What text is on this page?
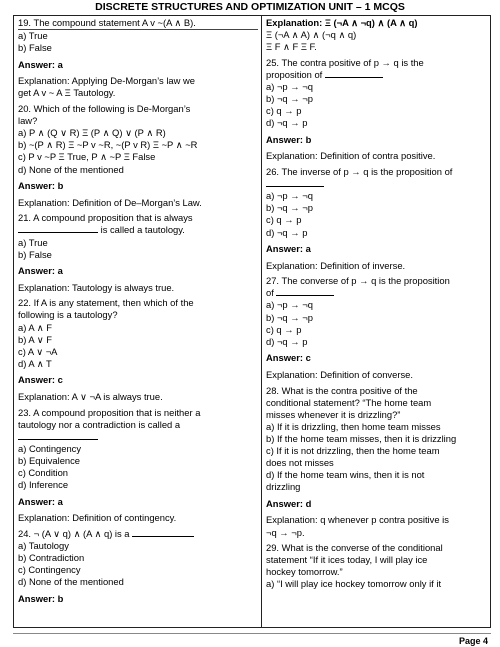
DISCRETE STRUCTURES AND OPTIMIZATION UNIT – 1 MCQS
19. The compound statement A v ~(A ∧ B).
a) True
b) False
Answer: a
Explanation: Applying De-Morgan’s law we
get A v ~ A Ξ Tautology.
20. Which of the following is De-Morgan’s
law?
a) P ∧ (Q ∨ R) Ξ (P ∧ Q) ∨ (P ∧ R)
b) ~(P ∧ R) Ξ ~P v ~R, ~(P v R) Ξ ~P ∧ ~R
c) P v ~P Ξ True, P ∧ ~P Ξ False
d) None of the mentioned
Answer: b
Explanation: Definition of De–Morgan’s Law.
21. A compound proposition that is always
is called a tautology.
a) True
b) False
Answer: a
Explanation: Tautology is always true.
22. If A is any statement, then which of the
following is a tautology?
a) A ∧ F
b) A ∨ F
c) A ∨ ¬A
d) A ∧ T
Answer: c
Explanation: A ∨ ¬A is always true.
23. A compound proposition that is neither a
tautology nor a contradiction is called a
a) Contingency
b) Equivalence
c) Condition
d) Inference
Answer: a
Explanation: Definition of contingency.
24. ¬ (A ∨ q) ∧ (A ∧ q) is a
a) Tautology
b) Contradiction
c) Contingency
d) None of the mentioned
Answer: b
Explanation: Ξ (¬A ∧ ¬q) ∧ (A ∧ q)
Ξ (¬A ∧ A) ∧ (¬q ∧ q)
Ξ F ∧ F Ξ F.
25. The contra positive of p → q is the
proposition of
a) ¬p → ¬q
b) ¬q → ¬p
c) q → p
d) ¬q → p
Answer: b
Explanation: Definition of contra positive.
26. The inverse of p → q is the proposition of
a) ¬p → ¬q
b) ¬q → ¬p
c) q → p
d) ¬q → p
Answer: a
Explanation: Definition of inverse.
27. The converse of p → q is the proposition
of
a) ¬p → ¬q
b) ¬q → ¬p
c) q → p
d) ¬q → p
Answer: c
Explanation: Definition of converse.
28. What is the contra positive of the
conditional statement? “The home team
misses whenever it is drizzling?”
a) If it is drizzling, then home team misses
b) If the home team misses, then it is drizzling
c) If it is not drizzling, then the home team
does not misses
d) If the home team wins, then it is not
drizzling
Answer: d
Explanation: q whenever p contra positive is
¬q → ¬p.
29. What is the converse of the conditional
statement “If it ices today, I will play ice
hockey tomorrow.”
a) “I will play ice hockey tomorrow only if it
Page 4
